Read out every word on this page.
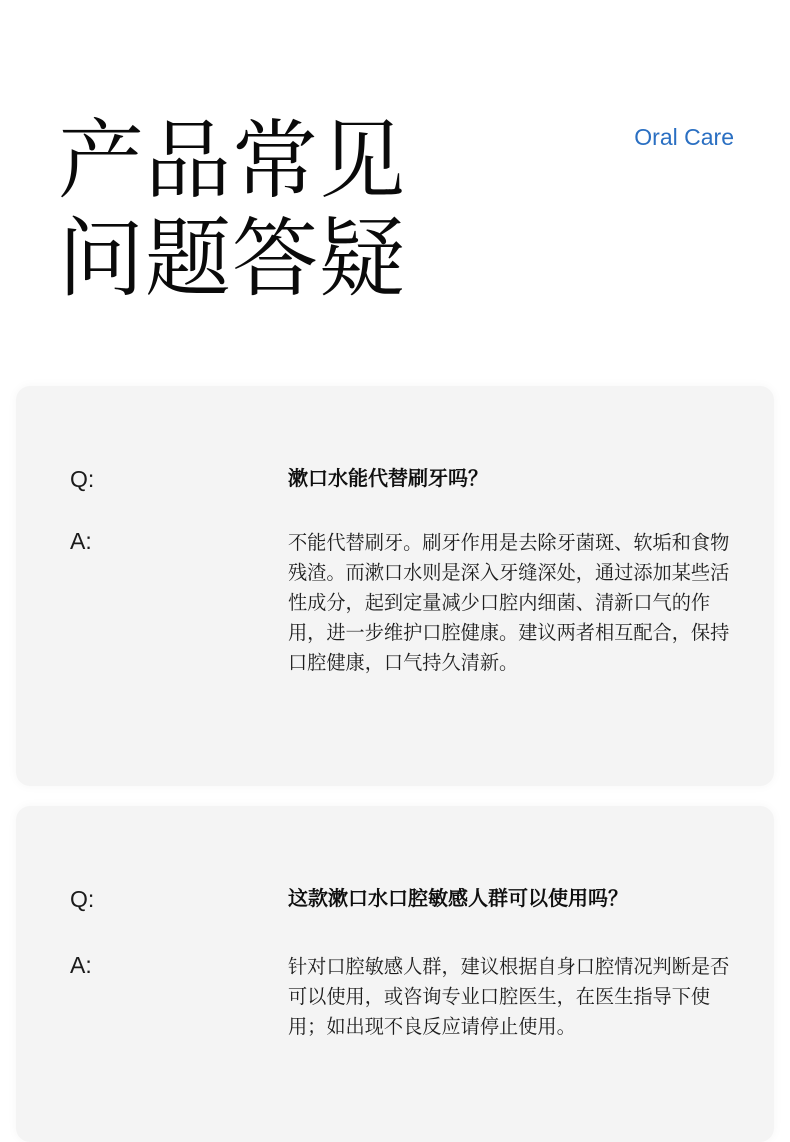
产品常见
问题答疑
Oral Care
Q:	漱口水能代替刷牙吗？
A:	不能代替刷牙。刷牙作用是去除牙菌斑、软垢和食物残渣。而漱口水则是深入牙缝深处，通过添加某些活性成分，起到定量减少口腔内细菌、清新口气的作用，进一步维护口腔健康。建议两者相互配合，保持口腔健康，口气持久清新。
Q:	这款漱口水口腔敏感人群可以使用吗？
A:	针对口腔敏感人群，建议根据自身口腔情况判断是否可以使用，或咨询专业口腔医生，在医生指导下使用；如出现不良反应请停止使用。
